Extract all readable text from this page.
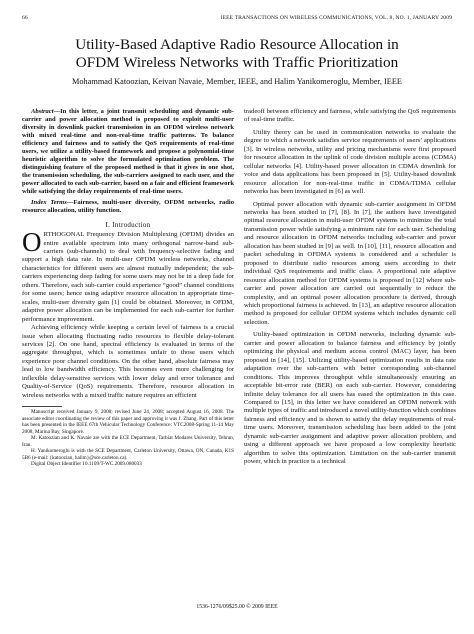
66	IEEE TRANSACTIONS ON WIRELESS COMMUNICATIONS, VOL. 8, NO. 1, JANUARY 2009
Utility-Based Adaptive Radio Resource Allocation in
OFDM Wireless Networks with Traffic Prioritization
Mohammad Katoozian, Keivan Navaie, Member, IEEE, and Halim Yanikomeroglu, Member, IEEE

Abstract—In this letter, a joint transmit scheduling and dynamic sub-carrier and power allocation method is proposed to exploit multi-user diversity in downlink packet transmission in an OFDM wireless network with mixed real-time and non-real-time traffic patterns. To balance efficiency and fairness and to satisfy the QoS requirements of real-time users, we utilize a utility-based framework and propose a polynomial-time heuristic algorithm to solve the formulated optimization problem. The distinguishing feature of the proposed method is that it gives in one shot, the transmission scheduling, the sub-carriers assigned to each user, and the power allocated to each sub-carrier, based on a fair and efficient framework while satisfying the delay requirements of real-time users.

Index Terms—Fairness, multi-user diversity, OFDM networks, radio resource allocation, utility function.

I. Introduction

ORTHOGONAL Frequency Division Multiplexing (OFDM) divides an entire available spectrum into many orthogonal narrow-band sub-carriers (sub-channels) to deal with frequency-selective fading and support a high data rate. In multi-user OFDM wireless networks, channel characteristics for different users are almost mutually independent; the sub-carriers experiencing deep fading for some users may not be in a deep fade for others. Therefore, each sub-carrier could experience “good” channel conditions for some users; hence using adaptive resource allocation in appropriate time-scales, multi-user diversity gain [1] could be obtained. Moreover, in OFDM, adaptive power allocation can be implemented for each sub-carrier for further performance improvement.

Achieving efficiency while keeping a certain level of fairness is a crucial issue when allocating fluctuating radio resources to flexible delay-tolerant services [2]. On one hand, spectral efficiency is evaluated in terms of the aggregate throughput, which is sometimes unfair to those users which experience poor channel conditions. On the other hand, absolute fairness may lead to low bandwidth efficiency. This becomes even more challenging for inflexible delay-sensitive services with lower delay and error tolerance and Quality-of-Service (QoS) requirements. Therefore, resource allocation in wireless networks with a mixed traffic nature requires an efficient

Manuscript received January 9, 2008; revised June 24, 2008; accepted August 16, 2008. The associate editor coordinating the review of this paper and approving it was J. Zhang. Part of this letter has been presented in the IEEE 67th Vehicular Technology Conference: VTC2008-Spring 11-14 May 2008, Marina Bay, Singapore.

M. Katoozian and K. Navaie are with the ECE Department, Tarbiat Modares University, Tehran, Iran.

H. Yanikomeroglu is with the SCE Department, Carleton University, Ottawa, ON, Canada, K1S 5B6 (e-mail: {katoozian, halim}@sce.carleton.ca).

Digital Object Identifier 10.1109/T-WC.2009.080033

tradeoff between efficiency and fairness, while satisfying the QoS requirements of real-time traffic.

Utility theory can be used in communication networks to evaluate the degree to which a network satisfies service requirements of users’ applications [3]. In wireless networks, utility and pricing mechanisms were first proposed for resource allocation in the uplink of code division multiple access (CDMA) cellular networks [4]. Utility-based power allocation in CDMA downlink for voice and data applications has been proposed in [5]. Utility-based downlink resource allocation for non-real-time traffic in CDMA/TDMA cellular networks has been investigated in [6] as well.

Optimal power allocation with dynamic sub-carrier assignment in OFDM networks has been studied in [7], [8]. In [7], the authors have investigated optimal resource allocation in multi-user OFDM systems to minimize the total transmission power while satisfying a minimum rate for each user. Scheduling and resource allocation in OFDM networks including sub-carrier and power allocation has been studied in [9] as well. In [10], [11], resource allocation and packet scheduling in OFDMA systems is considered and a scheduler is proposed to distribute radio resources among users according to their individual QoS requirements and traffic class. A proportional rate adaptive resource allocation method for OFDM systems is proposed in [12] where sub-carrier and power allocation are carried out sequentially to reduce the complexity, and an optimal power allocation procedure is derived, through which proportional fairness is achieved. In [13], an adaptive resource allocation method is proposed for cellular OFDM systems which includes dynamic cell selection.

Utility-based optimization in OFDM networks, including dynamic sub-carrier and power allocation to balance fairness and efficiency by jointly optimizing the physical and medium access control (MAC) layer, has been proposed in [14], [15]. Utilizing utility-based optimization results in data rate adaptation over the sub-carriers with better corresponding sub-channel conditions. This improves throughput while simultaneously ensuring an acceptable bit-error rate (BER) on each sub-carrier. However, considering infinite delay tolerance for all users has eased the optimization in this case. Compared to [15], in this letter we have considered an OFDM network with multiple types of traffic and introduced a novel utility-function which combines fairness and efficiency and is shown to satisfy the delay requirements of real-time users. Moreover, transmission scheduling has been added to the joint dynamic sub-carrier assignment and adaptive power allocation problem, and using a different approach we have proposed a low complexity heuristic algorithm to solve this optimization. Limitation on the sub-carrier transmit power, which in practice is a technical

1536-1276/09$25.00 © 2009 IEEE
